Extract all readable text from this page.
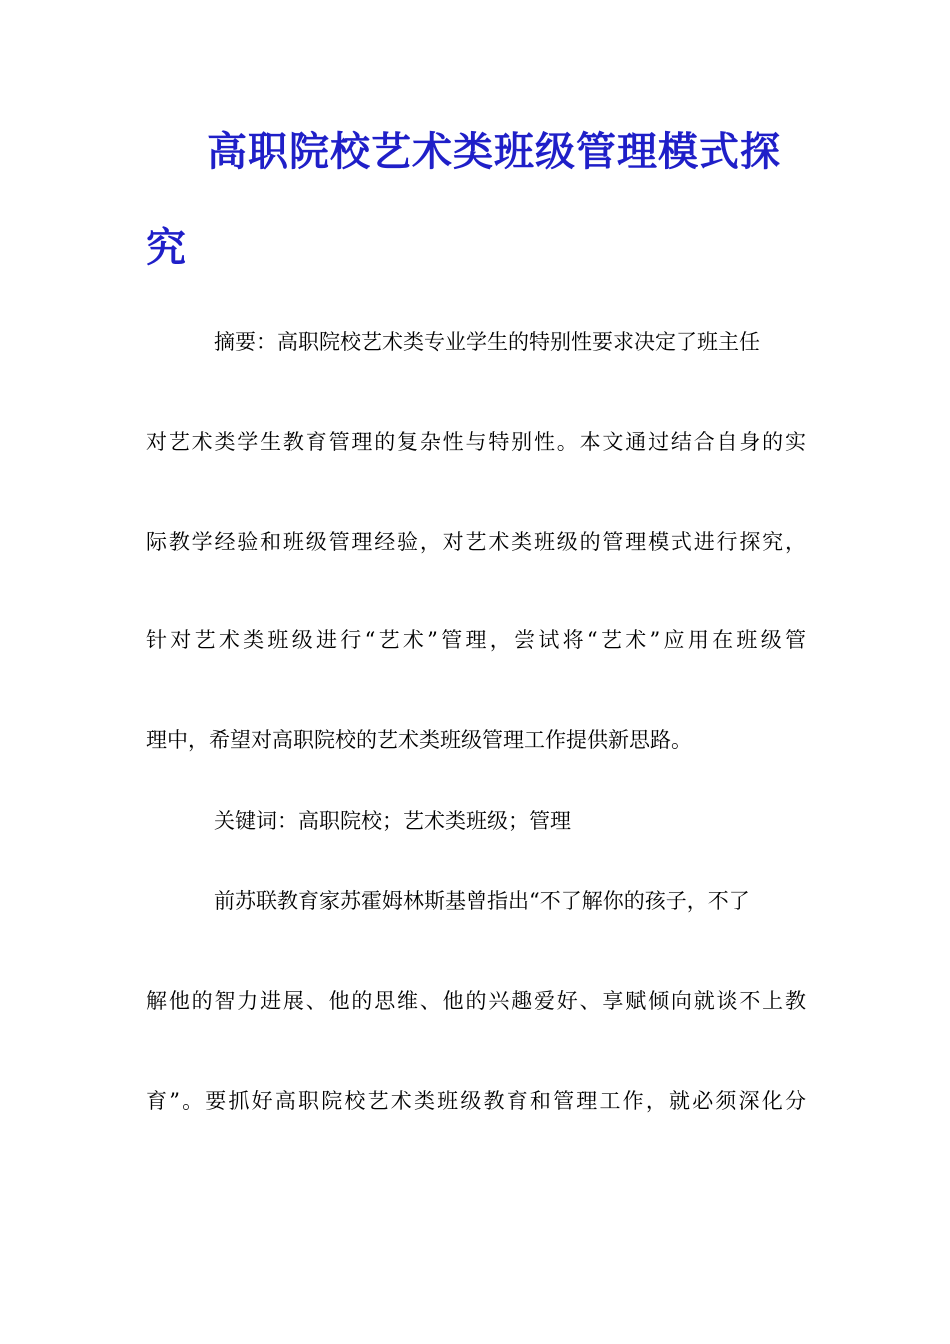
高职院校艺术类班级管理模式探
究
摘要：高职院校艺术类专业学生的特别性要求决定了班主任
对艺术类学生教育管理的复杂性与特别性。本文通过结合自身的实
际教学经验和班级管理经验，对艺术类班级的管理模式进行探究，
针对艺术类班级进行“艺术”管理，尝试将“艺术”应用在班级管
理中，希望对高职院校的艺术类班级管理工作提供新思路。
关键词：高职院校；艺术类班级；管理
前苏联教育家苏霍姆林斯基曾指出“不了解你的孩子，不了
解他的智力进展、他的思维、他的兴趣爱好、享赋倾向就谈不上教
育”。要抓好高职院校艺术类班级教育和管理工作，就必须深化分
